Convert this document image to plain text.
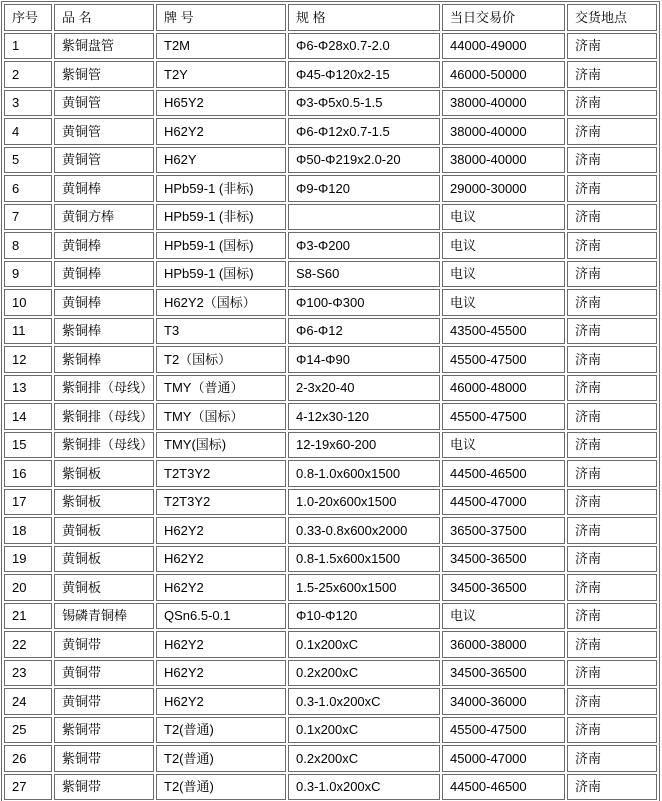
序号	品 名	牌 号	规 格	当日交易价	交货地点
1	紫铜盘管	T2M	Φ6-Φ28x0.7-2.0	44000-49000	济南
2	紫铜管	T2Y	Φ45-Φ120x2-15	46000-50000	济南
3	黄铜管	H65Y2	Φ3-Φ5x0.5-1.5	38000-40000	济南
4	黄铜管	H62Y2	Φ6-Φ12x0.7-1.5	38000-40000	济南
5	黄铜管	H62Y	Φ50-Φ219x2.0-20	38000-40000	济南
6	黄铜棒	HPb59-1 (非标)	Φ9-Φ120	29000-30000	济南
7	黄铜方棒	HPb59-1 (非标)		电议	济南
8	黄铜棒	HPb59-1 (国标)	Φ3-Φ200	电议	济南
9	黄铜棒	HPb59-1 (国标)	S8-S60	电议	济南
10	黄铜棒	H62Y2（国标）	Φ100-Φ300	电议	济南
11	紫铜棒	T3	Φ6-Φ12	43500-45500	济南
12	紫铜棒	T2（国标）	Φ14-Φ90	45500-47500	济南
13	紫铜排（母线）	TMY（普通）	2-3x20-40	46000-48000	济南
14	紫铜排（母线）	TMY（国标）	4-12x30-120	45500-47500	济南
15	紫铜排（母线）	TMY(国标)	12-19x60-200	电议	济南
16	紫铜板	T2T3Y2	0.8-1.0x600x1500	44500-46500	济南
17	紫铜板	T2T3Y2	1.0-20x600x1500	44500-47000	济南
18	黄铜板	H62Y2	0.33-0.8x600x2000	36500-37500	济南
19	黄铜板	H62Y2	0.8-1.5x600x1500	34500-36500	济南
20	黄铜板	H62Y2	1.5-25x600x1500	34500-36500	济南
21	锡磷青铜棒	QSn6.5-0.1	Φ10-Φ120	电议	济南
22	黄铜带	H62Y2	0.1x200xC	36000-38000	济南
23	黄铜带	H62Y2	0.2x200xC	34500-36500	济南
24	黄铜带	H62Y2	0.3-1.0x200xC	34000-36000	济南
25	紫铜带	T2(普通)	0.1x200xC	45500-47500	济南
26	紫铜带	T2(普通)	0.2x200xC	45000-47000	济南
27	紫铜带	T2(普通)	0.3-1.0x200xC	44500-46500	济南
